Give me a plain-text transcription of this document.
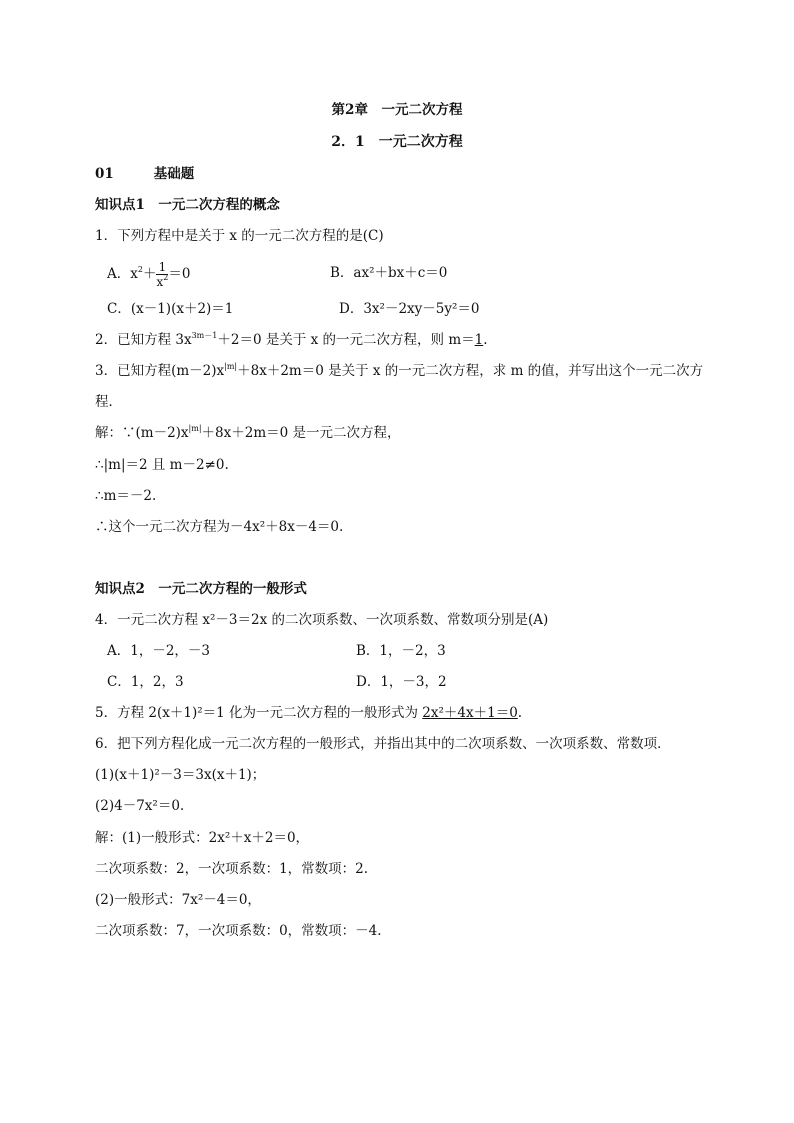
第2章　一元二次方程
2．1　一元二次方程
01	基础题
知识点1　一元二次方程的概念
1．下列方程中是关于 x 的一元二次方程的是(C)
A．$x^2+ \frac{1}{x^2} =0$	B．ax²＋bx＋c＝0
C．(x－1)(x＋2)＝1	D．3x²－2xy－5y²＝0
2．已知方程 $3x^{3m-1}+2=0$ 是关于 x 的一元二次方程，则 m＝1.
3．已知方程$(m-2)x^{|m|}+8x+2m=0$ 是关于 x 的一元二次方程，求 m 的值，并写出这个一元二次方
程．
解：$\because(m-2)x^{|m|}+8x+2m=0$ 是一元二次方程，
∴|m|＝2 且 m－2≠0.
∴m＝－2.
∴这个一元二次方程为－4x²＋8x－4＝0.
知识点2　一元二次方程的一般形式
4．一元二次方程 x²－3＝2x 的二次项系数、一次项系数、常数项分别是(A)
A．1，－2，－3	B．1，－2，3
C．1，2，3	D．1，－3，2
5．方程 2(x＋1)²＝1 化为一元二次方程的一般形式为 2x²＋4x＋1＝0.
6．把下列方程化成一元二次方程的一般形式，并指出其中的二次项系数、一次项系数、常数项．
(1)(x＋1)²－3＝3x(x＋1)；
(2)4－7x²＝0.
解：(1)一般形式：2x²＋x＋2＝0，
二次项系数：2，一次项系数：1，常数项：2.
(2)一般形式：7x²－4＝0，
二次项系数：7，一次项系数：0，常数项：－4.
